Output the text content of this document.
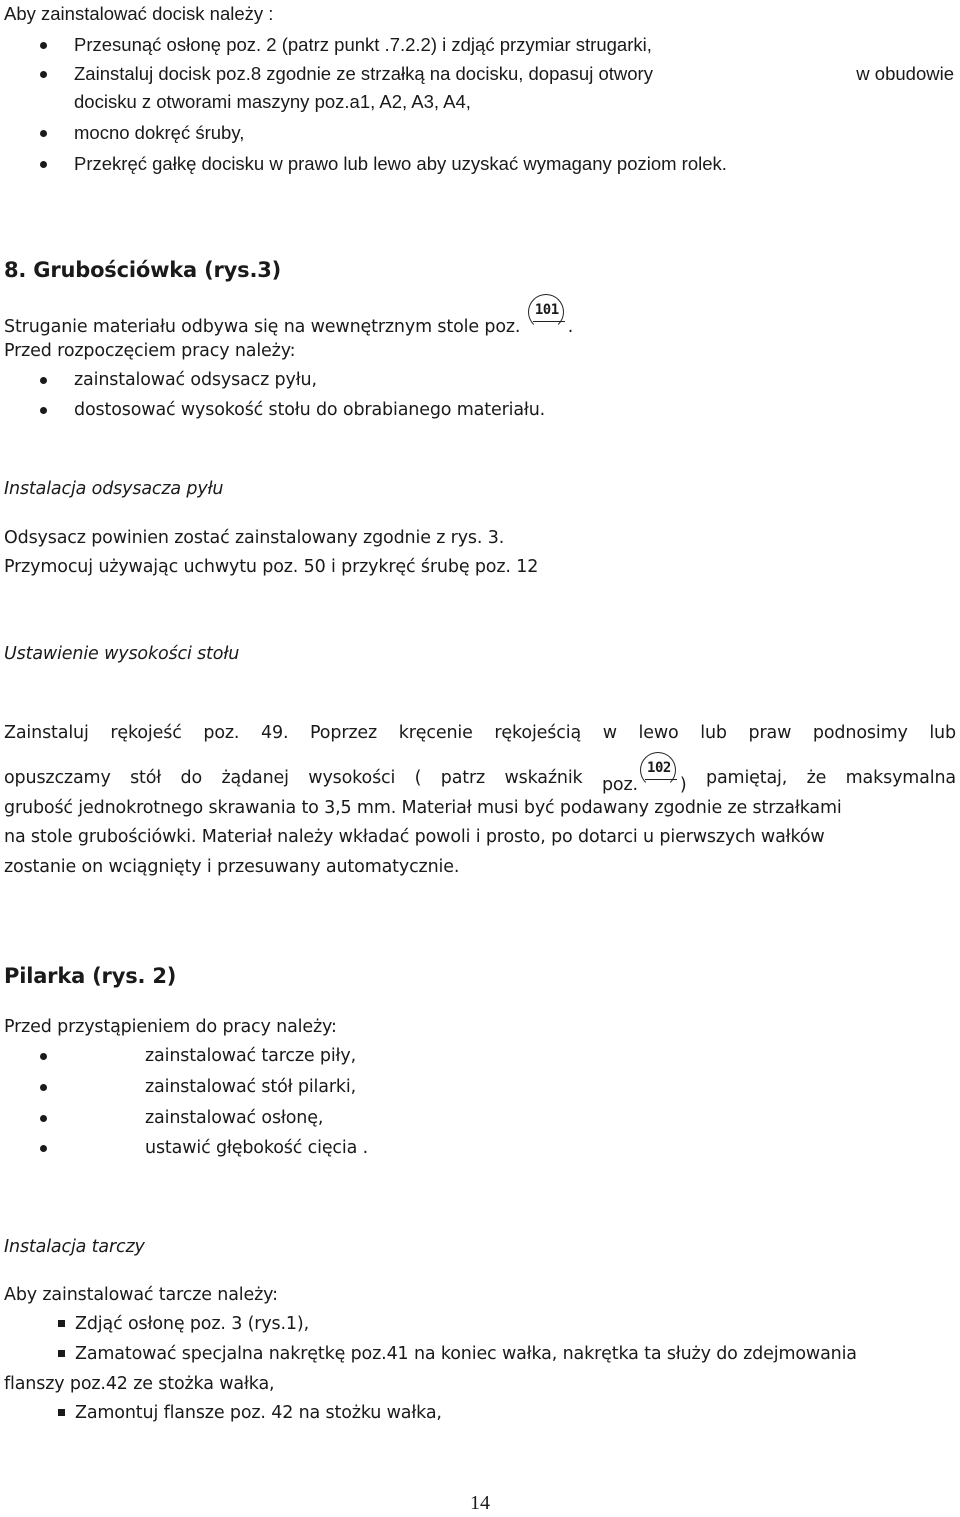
Aby zainstalować docisk należy :
Przesunąć osłonę poz. 2 (patrz punkt .7.2.2) i zdjąć przymiar strugarki,
Zainstaluj docisk poz.8 zgodnie ze strzałką na docisku, dopasuj otwory	w obudowie
docisku z otworami maszyny poz.a1, A2, A3, A4,
mocno dokręć śruby,
Przekręć gałkę docisku w prawo lub lewo aby uzyskać wymagany poziom rolek.
8. Grubościówka (rys.3)
Struganie materiału odbywa się na wewnętrznym stole poz.
101
.
Przed rozpoczęciem pracy należy:
zainstalować odsysacz pyłu,
dostosować wysokość stołu do obrabianego materiału.
Instalacja odsysacza pyłu
Odsysacz powinien zostać zainstalowany zgodnie z rys. 3.
Przymocuj używając uchwytu poz. 50 i przykręć śrubę poz. 12
Ustawienie wysokości stołu
Zainstaluj rękojeść poz. 49. Poprzez kręcenie rękojeścią w lewo lub praw podnosimy lub
opuszczamy stół do żądanej wysokości ( patrz wskaźnik poz.
102
) pamiętaj, że maksymalna
grubość jednokrotnego skrawania to 3,5 mm. Materiał musi być podawany zgodnie ze strzałkami
na stole grubościówki. Materiał należy wkładać powoli i prosto, po dotarci u pierwszych wałków
zostanie on wciągnięty i przesuwany automatycznie.
Pilarka (rys. 2)
Przed przystąpieniem do pracy należy:
zainstalować tarcze piły,
zainstalować stół pilarki,
zainstalować osłonę,
ustawić głębokość cięcia .
Instalacja tarczy
Aby zainstalować tarcze należy:
Zdjąć osłonę poz. 3 (rys.1),
Zamatować specjalna nakrętkę poz.41 na koniec wałka, nakrętka ta służy do zdejmowania
flanszy poz.42 ze stożka wałka,
Zamontuj flansze poz. 42 na stożku wałka,
14
